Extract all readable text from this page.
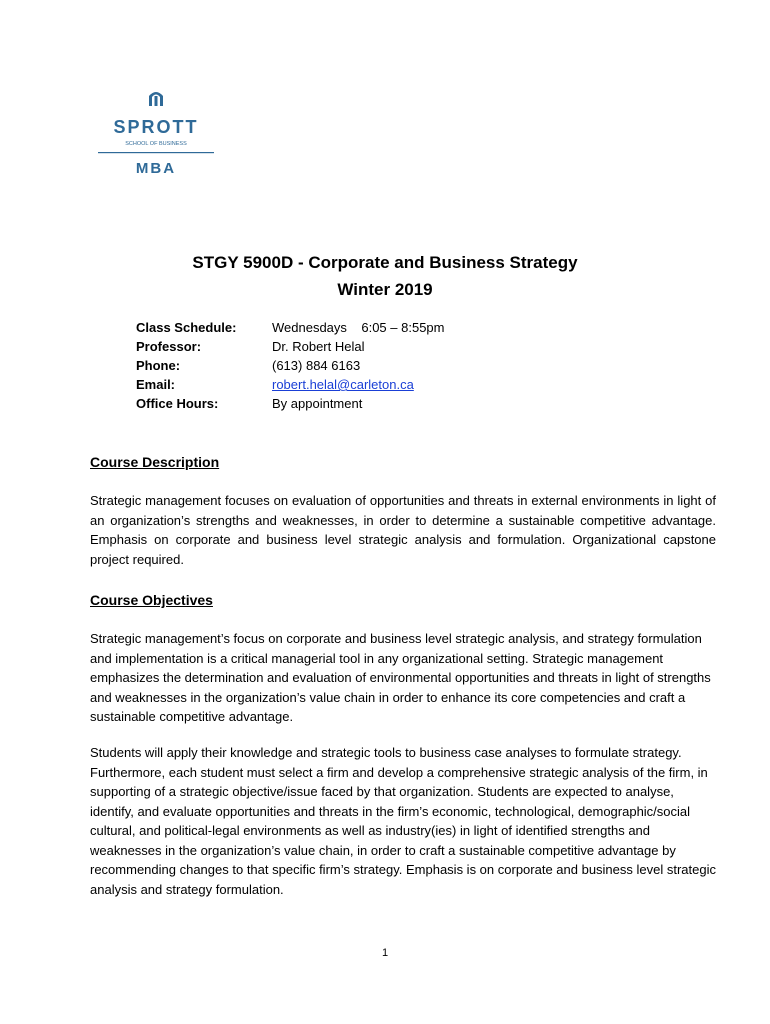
SPROTT
SCHOOL OF BUSINESS
MBA
STGY 5900D - Corporate and Business Strategy
Winter 2019
Class Schedule:	Wednesdays    6:05 – 8:55pm
Professor:	Dr. Robert Helal
Phone:	(613) 884 6163
Email:	robert.helal@carleton.ca
Office Hours:	By appointment
Course Description
Strategic management focuses on evaluation of opportunities and threats in external environments in light of an organization’s strengths and weaknesses, in order to determine a sustainable competitive advantage. Emphasis on corporate and business level strategic analysis and formulation. Organizational capstone project required.
Course Objectives
Strategic management’s focus on corporate and business level strategic analysis, and strategy formulation and implementation is a critical managerial tool in any organizational setting. Strategic management emphasizes the determination and evaluation of environmental opportunities and threats in light of strengths and weaknesses in the organization’s value chain in order to enhance its core competencies and craft a sustainable competitive advantage.
Students will apply their knowledge and strategic tools to business case analyses to formulate strategy. Furthermore, each student must select a firm and develop a comprehensive strategic analysis of the firm, in supporting of a strategic objective/issue faced by that organization. Students are expected to analyse, identify, and evaluate opportunities and threats in the firm’s economic, technological, demographic/social cultural, and political-legal environments as well as industry(ies) in light of identified strengths and weaknesses in the organization’s value chain, in order to craft a sustainable competitive advantage by recommending changes to that specific firm’s strategy. Emphasis is on corporate and business level strategic analysis and strategy formulation.
1
